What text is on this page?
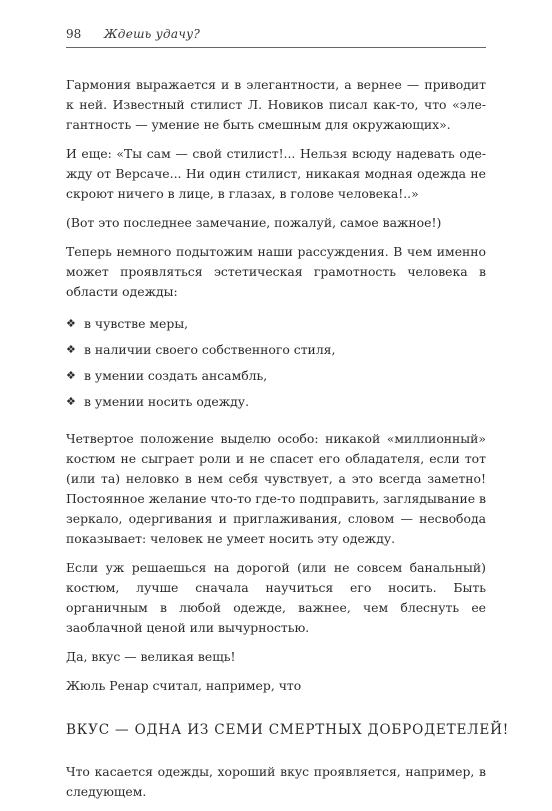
98 Ждешь удачу?

Гармония выражается и в элегантности, а вернее — приводит к ней. Известный стилист Л. Новиков писал как-то, что «элегантность — умение не быть смешным для окружающих».

И еще: «Ты сам — свой стилист!... Нельзя всюду надевать одежду от Версаче... Ни один стилист, никакая модная одежда не скроют ничего в лице, в глазах, в голове человека!..»

(Вот это последнее замечание, пожалуй, самое важное!)

Теперь немного подытожим наши рассуждения. В чем именно может проявляться эстетическая грамотность человека в области одежды:

❖ в чувстве меры,
❖ в наличии своего собственного стиля,
❖ в умении создать ансамбль,
❖ в умении носить одежду.

Четвертое положение выделю особо: никакой «миллионный» костюм не сыграет роли и не спасет его обладателя, если тот (или та) неловко в нем себя чувствует, а это всегда заметно! Постоянное желание что-то где-то подправить, заглядывание в зеркало, одергивания и приглаживания, словом — несвобода показывает: человек не умеет носить эту одежду.

Если уж решаешься на дорогой (или не совсем банальный) костюм, лучше сначала научиться его носить. Быть органичным в любой одежде, важнее, чем блеснуть ее заоблачной ценой или вычурностью.

Да, вкус — великая вещь!

Жюль Ренар считал, например, что

ВКУС — ОДНА ИЗ СЕМИ СМЕРТНЫХ ДОБРОДЕТЕЛЕЙ!

Что касается одежды, хороший вкус проявляется, например, в следующем.
